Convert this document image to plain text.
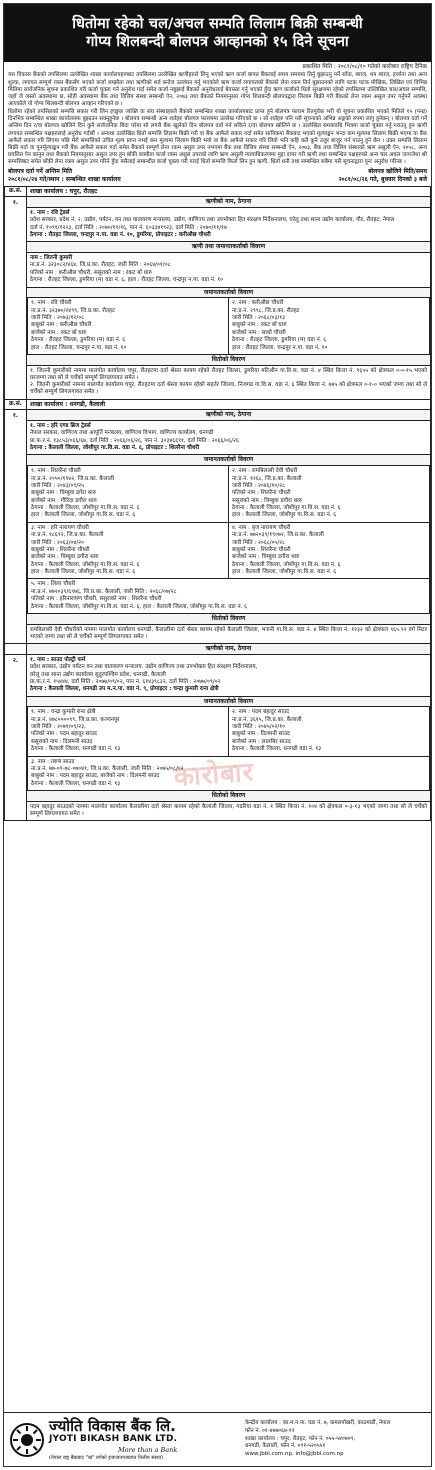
धितोमा रहेको चल/अचल सम्पति लिलाम बिक्री सम्बन्धी
गोप्य शिलबन्दी बोलपत्र आव्हानको १५ दिने सूचना
प्रकाशित मिति : २०८१/०८/१० गतेको कारोबार राष्ट्रिय दैनिक

यस विकास बैंकको तपसिलमा उल्लेखित शाखा कार्यालयहरुबाट तपसिलमा उल्लेखित ऋणीहरुले लिनु भएको ऋण कर्जा बापत बैंकलाई समय समयमा तिर्नु बुझाउनु पर्ने साँवा, ब्याज, थप ब्याज, हर्जाना तथा अन्य शुल्क, लगायत सम्पूर्ण रकम बैंकसँग भएको कर्जा सम्झौता तथा ऋणीको शर्त बन्देज उल्लंघन गर्नु भएकोले ऋण कर्जा लगायतको बैंकको लेना रकम तिर्न बुझाउनको लागि पटक पटक मौखिक, लिखित एवं विभिन्न मितिमा सार्वजनिक सूचना प्रकाशित गरी कर्जा चुक्ता गर्न अनुरोध गर्दा समेत कर्जा नबुझाई बैंकको अनुरोधलाई बेवास्ता गर्नु भएको हुँदा ऋण कर्जाको धितो सुरक्षणमा रहेको तपसिलमा उल्लिखित चल/अचल सम्पत्ति, जहाँ जे जस्तो अवस्थामा छ, सोही अवस्थामा बैंक तथा वित्तिय संस्था सम्बन्धी ऐन, २०७३ तथा बैंकको नियमानुसार गोप्य शिलबन्दी बोलपत्रद्वारा लिलाम बिक्री गरी बैंकको लेना रकम असुल उपर गर्नुपर्ने अवस्था आएकोले यो गोप्य शिलबन्दी बोलपत्र आव्हान गरिएको छ ।

धितोमा रहेको तपसिलको सम्पत्ति सकार गरी लिन इच्छुक व्यक्ति वा संघ संस्थाहरुले बैंकको सम्बन्धित शाखा कार्यालयबाट प्राप्त हुने बोलपत्र फाराम रितपूर्वक भरी यो सूचना प्रकाशित भएको मितिले १५ (पन्ध्र) दिनभित्र सम्बन्धित शाखा कार्यालयमा बुझाउन सक्नुहुनेछ । बोलपत्र सम्बन्धी अन्य शर्तहरु बोलपत्र फाराममा उल्लेख गरिएको छ । सो शर्तहरु पनि यसै सूचनाको अभिन्न अङ्गको रुपमा लागु हुनेछन् । बोलपत्र दर्ता गर्ने अन्तिम दिन र/वा बोलपत्र खोलिने दिन कुनै सार्वजनिक बिदा परेमा सो लगत्तै बैंक खुलेको दिन बोलपत्र दर्ता गर्न सकिने र/वा बोलपत्र खोलिने छ । उल्लेखित समयावधि भित्रमा कर्जा चुक्ता गर्नु गराउनु हुन ऋणी लगायत सम्बन्धित पक्षहरुलाई अनुरोध गर्दछौं । अन्यथा उल्लेखित धितो सम्पत्ति लिलाम बिक्री गरी वा बैंक आफैले सकार गर्दा समेत साविकमा बैंकबाट भएको मूल्याङ्कन भन्दा कम मूल्यमा लिलाम बिक्री भएमा वा बैंक आफैले सकार गरि लिएमा पछि मेरो सम्पत्तिको उचित मूल्य प्राप्त नभई कम मूल्यमा लिलाम बिक्री भयो वा बैंक आफैले सकार गरि लियो भनि कहि कतै कुनै उजुर बाजुर गर्न पाउनु हुने छैन । उक्त सम्पत्ति लिलाम बिक्री गर्दा वा पुनर्मूल्याङ्कन गरी बैंक आफैले सकार गर्दा समेत बैंकको सम्पूर्ण लेना रकम असुल उपर नभएमा बैंक तथा वित्तिय संस्था सम्बन्धी ऐन, २०७३, बैंक तथा वित्तिय संस्थाको ऋण असुली ऐन, २०५८, अन्य प्रचलित ऐन कानुन तथा बैंकको नियमानुसार असुल उपर हुन बाँकी बक्यौता कर्जा रकम असुल उपरको लागि ऋण असुली न्यायाधिकरणमा मुद्दा दायर गरी ऋणी तथा सम्बन्धित पक्षहरुको अन्य चल अचल जायजेथा श्री सम्पत्तिबाट समेत बाँकी लेना रकम असुल उपर गरिने हुँदा यसैलाई सम्बन्धीत कर्जा चुक्ता गरी गराई धितो सम्पत्ति फिर्ता लिन हुन ऋणी, धितो धनी तथा सम्बन्धित सबैमा यसै सूचनाद्वारा पुनः अनुरोध गरिन्छ ।

बोलपत्र दर्ता गर्ने अन्तिम मिति	बोलपत्र खोलिने मिति/समय
२०८१/०८/२४ गते/स्थान : सम्बन्धित शाखा कार्यालय	२०८१/०८/२६ गते, बुधवार दिनको ३ बजे
क्र.सं.	शाखा कार्यालय : चपुर, रौतहट
१.	ऋणीको नाम, ठेगाना
१. नाम : रवि ट्रेडर्स
प्रदेश सरकार, प्रदेश नं. २, उद्योग, पर्यटन, वन तथा वातावरण मन्त्रालय, उद्योग, वाणिज्य तथा उपभोक्ता हित संरक्षण निर्देशनालय, घरेलु तथा साना उद्योग कार्यालय, गौर, रौतहट, नेपाल
दर्ता नं. १०९१/१२२३, दर्ता मिति : २०७०/११/१६, पान नं. ६०३३४१९२३, दर्ता मिति : २०७०/११/१७
ठेगाना : रौतहट जिल्ला, चन्द्रपुर न.पा. वडा नं. १०, डुमरिया, प्रोपाइटर : करीऔछ चौधरी
ऋणी तथा जमानतकर्ताको विवरण
नाम : जितनी कुमारी
ना.प्र.नं. ३२३०८२/४६४, जि.प्र.का. रौतहट, जारी मिति : २०६४/०१/०८
पतिको नाम : करीऔछ चौधरी, ससुराको नाम : रकट बाँ धारु
ठेगाना : रौतहट जिल्ला, डुमरिया (म) वडा नं. ६, हाल : रौतहट जिल्ला, चन्द्रपुर न.पा. वडा नं. १०
जमानतकर्ताको विवरण
१. नाम : रवि चौधरी
ना.प्र.नं. ३२३७०/२४९९, जि.प्र.का. रौतहट
जारी मिति : २०७३/१२/०८
बाबुको नाम : करीऔछ चौधरी
बाजेको नाम : रकट बाँ धारु
ठेगाना : रौतहट जिल्ला, डुमरिया (म) वडा नं. ६
हाल : रौतहट जिल्ला, चन्द्रपुर न.पा. वडा नं. १०

२. नाम : करीऔछ चौधरी
ना.प्र.नं. २९९८, जि.प्र.का. रौतहट
जारी मिति : २०६८/०३/१३
बाबुको नाम : रकट बाँ धारु
बाजेको नाम : साधो चौधरी
ठेगाना : रौतहट जिल्ला, डुमरिया (म) वडा नं. ६
हाल : रौतहट जिल्ला, चन्द्रपुर न.पा. वडा नं. १०
धितोको विवरण
१. जितनी कुमारीको नाममा मालपोत कार्यालय चपुर, रौतहटमा दर्ता श्रेस्ता कायम रहेको रौतहट जिल्ला, डुमरिया मटिऔन गा.वि.स. वडा नं. ४ स्थित कित्ता नं. १६५५ को क्षेत्रफल ०-०-१५ भएको घरजग्गा तथा सो ले चर्चेको सम्पूर्ण लिगलगायत समेत ।
२. जितनी कुमारीको नाममा मालपोत कार्यालय चपुर, रौतहटमा दर्ता श्रेस्ता कायम रहेको सहर्तर जिल्ला, निजगढ गा.वि.स. वडा नं. ६ स्थित कित्ता नं. ७४५ को क्षेत्रफल ०-१-० भएको जग्गा तथा सो ले चर्चेको सम्पूर्ण लिगलगायत समेत ।

क्र.सं.	शाखा कार्यालय : धनगढी, कैलाली
१.	ऋणीको नाम, ठेगाना
१. नाम : हरि एण्ड ब्रिज ट्रेडर्स
नेपाल सरकार, वाणिज्य तथा आपूर्ति मन्त्रालय, वाणिज्य विभाग, वाणिज्य कार्यालय, धनगढी
प्रा.फ.र.नं. १३८५३/०६६/६७, दर्ता मिति : २०६६/०६/२६, पान नं. ३०३४६६९१, दर्ता मिति : २०६६/०६/२६
ठेगाना : कैलाली जिल्ला, जोशीपुर गा.वि.स. वडा नं. ६, प्रोपाइटर : शिलरैना चौधरी
जमानतकर्ताको विवरण
१. नाम : शिलरैना चौधरी
ना.प्र.नं. २०५०/१९४२, जि.प्र.का. कैलाली
जारी मिति : २०४३/०९/२५
बाबुको नाम : चिम्बुवा डगेरा थारु
बाजेको नाम : गौरिदा डगौरा थारु
ठेगाना : कैलाली जिल्ला, जोशीपुर गा.वि.स. वडा नं. ६
हाल : कैलाली जिल्ला, जोशीपुर गा.वि.स. वडा नं. ६

२. नाम : रामबिलासी देवी चौधरी
ना.प्र.नं. १२६८, जि.प्र.का. कैलाली
जारी मिति : २०४६/१०/२८
पतिको नाम : शिलरैना चौधरी
ससुराको नाम : चिम्बुवा डगौरा थारु
ठेगाना : कैलाली जिल्ला, जोशीपुर गा.वि.स. वडा नं. ६
हाल : कैलाली जिल्ला, जोशीपुर गा.वि.स. वडा नं. ६

३. नाम : हरि नारायण चौधरी
ना.प्र.नं. १८६९२, जि.प्र.का. कैलाली
जारी मिति : २०६३/०४/२०
बाबुको नाम : शिलरैना चौधरी
बाजेको नाम : चिम्बुवा डगौरा थारु
ठेगाना : कैलाली जिल्ला, जोशीपुर गा.वि.स. वडा नं. ६
हाल : कैलाली जिल्ला, जोशीपुर गा.वि.स. वडा नं. ६

४. नाम : बृज नारायण चौधरी
ना.प्र.नं. ७७२०३९/१९०७२, जि.प्र.का. कैलाली
जारी मिति : २०६८/०५/२८
बाबुको नाम : शिलरैना चौधरी
बाजेको नाम : चिम्बुवा डगौरा थारु
ठेगाना : कैलाली जिल्ला, जोशीपुर गा.वि.स. वडा नं. ६
हाल : कैलाली जिल्ला, जोशीपुर गा.वि.स. वडा नं. ६

५. नाम : लिला चौधरी
ना.प्र.नं. ७७२०३९/६९७६, जि.प्र.का. कैलाली, जारी मिति : २०६८/०७/२८
पतिको नाम : हरिनारायण चौधरी, ससुराको नाम : शिलरैना चौधरी
ठेगाना : कैलाली जिल्ला, जोशीपुर गा.वि.स. वडा नं. ६, हाल : कैलाली जिल्ला, जोशीपुर गा.वि.स. वडा नं. ६
धितोको विवरण
रामबिलासी देवी चौधरीको नाममा मालपोत कार्यालय धनगढी, कैलालीमा दर्ता श्रेस्ता कायम रहेको कैलाली जिल्ला, भजनी गा.वि.स. वडा नं. ४ स्थित कित्ता नं. १२३२ को क्षेत्रफल ९६५.९२ वर्ग मिटर भएको जग्गा तथा सो ले चर्चेको सम्पूर्ण लिगलगायत समेत ।

	ऋणीको नाम, ठेगाना
२.	१. नाम : साउद पोल्ट्री फर्म
प्रदेश सरकार, उद्योग पर्यटन वन तथा वातावरण मन्त्रालय, उद्योग वाणिज्य तथा उपभोक्ता हित संरक्षण निर्देशनालय,
घरेलु तथा साना उद्योग कार्यालय सुदुरपश्चिम प्रदेश, धनगढी, कैलाली
प्रा.फ.र.नं. १५४४४, दर्ता मिति : २०७७/०९/०२, पान नं. ६१४३९८३२, दर्ता मिति : २०७७/०९/०२
ठेगाना : कैलाली जिल्ला, धनगढी उप म.न.पा. वडा नं. ९, प्रोपाइटर : चन्द्रा कुमारी राना क्षेत्री
जमानतकर्ताको विवरण
१. नाम : चन्द्रा कुमारी राना क्षेत्री
ना.प्र.नं. ४७८००००९९, जि.प्र.का. कञ्चनपुर
जारी मिति : २०७१/०९/२३,
पतिको नाम : पदम बहादुर साउद
ससुराको नाम : दिलमनी साउद
ठेगाना : कैलाली जिल्ला, धनगढी वडा नं. १३

२. नाम : पदम बहादुर साउद
ना.प्र.नं. ३६१५, जि.प्र.का. कैलाली
जारी मिति : २०४५/०२/१०
बाबुको नाम : दिलमनी साउद
बाजेको नाम : लालबिर साउद
ठेगाना : कैलाली जिल्ला, धनगढी वडा नं. १३

३. नाम : तरुण साउद
ना.प्र.नं. ७७-०१-७८-०७०४१, जि.प्र.का. कैलाली, जारी मिति : २०७५/०८/०२
बाबुको नाम : पदम बहादुर साउद, बाजेको नाम : दिलमनी साउद
ठेगाना : कैलाली जिल्ला, धनगढी वडा नं. १३
धितोको विवरण
पदम बहादुर साउदको नाममा मालपोत कार्यालय कैलालीमा दर्ता श्रेस्ता कायम रहेको कैलाली जिल्ला, गढरिया वडा नं. १ स्थित कित्ता नं. १०४ को क्षेत्रफल ०-३-१३ भएको जग्गा तथा सो ले चर्चेको सम्पूर्ण लिगलगायत समेत ।
कारोबार
ज्योति विकास बैंक लि.
JYOTI BIKASH BANK LTD.
More than a Bank
(नेपाल राष्ट्र बैंकबाट "ख" वर्गको इजाजतपत्रप्राप्त वित्तीय संस्था)
केन्द्रीय कार्यालय : का.म.न.पा. वडा नं. ७, कमलपोखरी, काठमाडौं, नेपाल
फोन नं. ०१-४७७०६७-१२
शाखा कार्यालय : चपुर, रौतहट, फोन नं. ०५५-५४०७०९,
धनगढी, कैलाली, फोन नं. ०९१-५२०५५१
www.jbbl.com.np, info@jbbl.com.np
